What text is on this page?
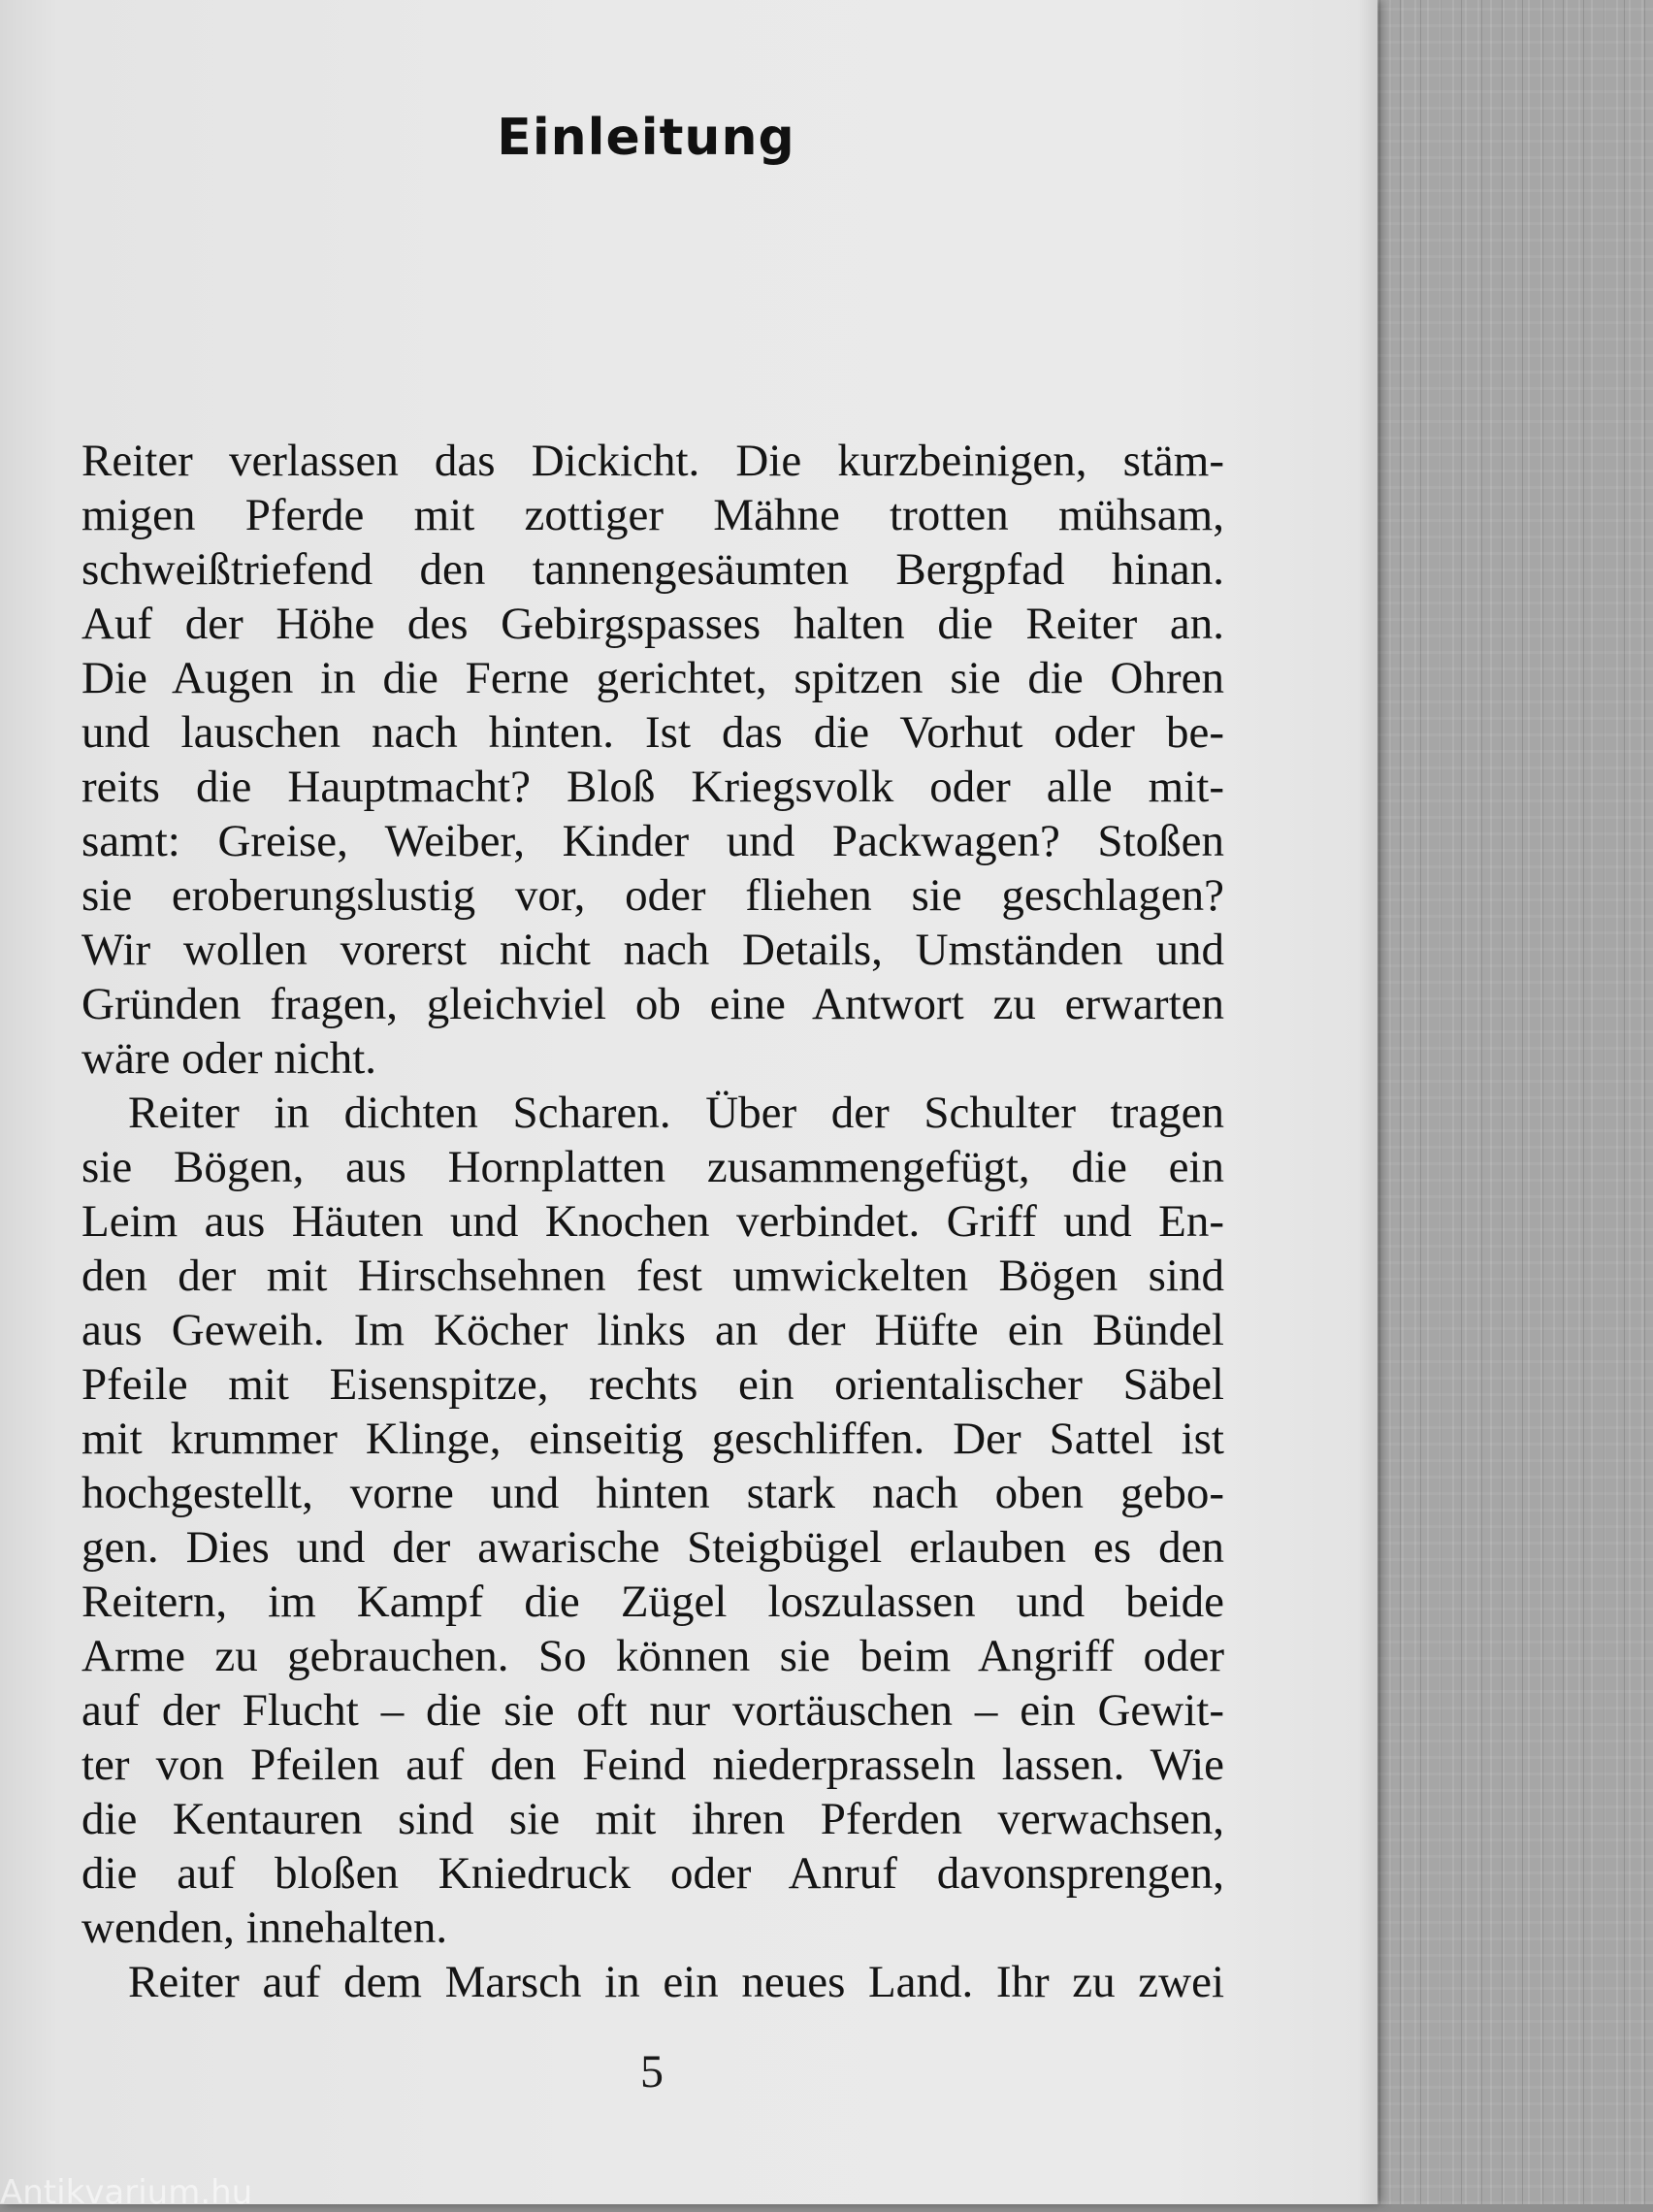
Einleitung
Reiter verlassen das Dickicht. Die kurzbeinigen, stäm-
migen Pferde mit zottiger Mähne trotten mühsam,
schweißtriefend den tannengesäumten Bergpfad hinan.
Auf der Höhe des Gebirgspasses halten die Reiter an.
Die Augen in die Ferne gerichtet, spitzen sie die Ohren
und lauschen nach hinten. Ist das die Vorhut oder be-
reits die Hauptmacht? Bloß Kriegsvolk oder alle mit-
samt: Greise, Weiber, Kinder und Packwagen? Stoßen
sie eroberungslustig vor, oder fliehen sie geschlagen?
Wir wollen vorerst nicht nach Details, Umständen und
Gründen fragen, gleichviel ob eine Antwort zu erwarten
wäre oder nicht.
Reiter in dichten Scharen. Über der Schulter tragen
sie Bögen, aus Hornplatten zusammengefügt, die ein
Leim aus Häuten und Knochen verbindet. Griff und En-
den der mit Hirschsehnen fest umwickelten Bögen sind
aus Geweih. Im Köcher links an der Hüfte ein Bündel
Pfeile mit Eisenspitze, rechts ein orientalischer Säbel
mit krummer Klinge, einseitig geschliffen. Der Sattel ist
hochgestellt, vorne und hinten stark nach oben gebo-
gen. Dies und der awarische Steigbügel erlauben es den
Reitern, im Kampf die Zügel loszulassen und beide
Arme zu gebrauchen. So können sie beim Angriff oder
auf der Flucht – die sie oft nur vortäuschen – ein Gewit-
ter von Pfeilen auf den Feind niederprasseln lassen. Wie
die Kentauren sind sie mit ihren Pferden verwachsen,
die auf bloßen Kniedruck oder Anruf davonsprengen,
wenden, innehalten.
Reiter auf dem Marsch in ein neues Land. Ihr zu zwei
5
Antikvarium.hu
